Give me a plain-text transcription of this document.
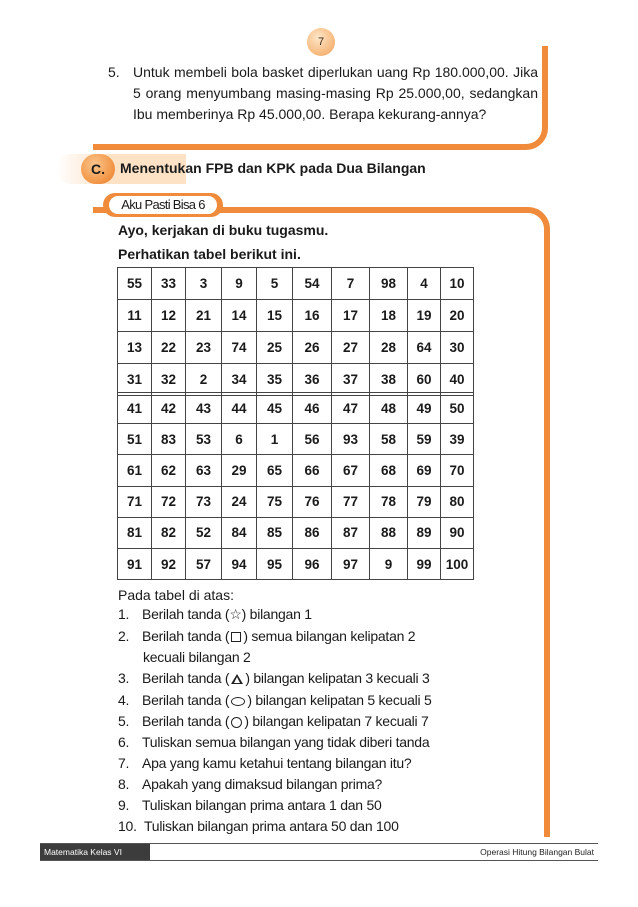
7
5. Untuk membeli bola basket diperlukan uang Rp 180.000,00. Jika 5 orang menyumbang masing-masing Rp 25.000,00, sedangkan Ibu memberinya Rp 45.000,00. Berapa kekurang-annya?
C.	Menentukan FPB dan KPK pada Dua Bilangan
Aku Pasti Bisa 6
Ayo, kerjakan di buku tugasmu.
Perhatikan tabel berikut ini.
55	33	3	9	5	54	7	98	4	10
11	12	21	14	15	16	17	18	19	20
13	22	23	74	25	26	27	28	64	30
31	32	2	34	35	36	37	38	60	40
41	42	43	44	45	46	47	48	49	50
51	83	53	6	1	56	93	58	59	39
61	62	63	29	65	66	67	68	69	70
71	72	73	24	75	76	77	78	79	80
81	82	52	84	85	86	87	88	89	90
91	92	57	94	95	96	97	9	99	100
Pada tabel di atas:
1. Berilah tanda (☆) bilangan 1
2. Berilah tanda ( ) semua bilangan kelipatan 2
kecuali bilangan 2
3. Berilah tanda ( ) bilangan kelipatan 3 kecuali 3
4. Berilah tanda ( ) bilangan kelipatan 5 kecuali 5
5. Berilah tanda ( ) bilangan kelipatan 7 kecuali 7
6. Tuliskan semua bilangan yang tidak diberi tanda
7. Apa yang kamu ketahui tentang bilangan itu?
8. Apakah yang dimaksud bilangan prima?
9. Tuliskan bilangan prima antara 1 dan 50
10. Tuliskan bilangan prima antara 50 dan 100
Matematika Kelas VI	Operasi Hitung Bilangan Bulat
